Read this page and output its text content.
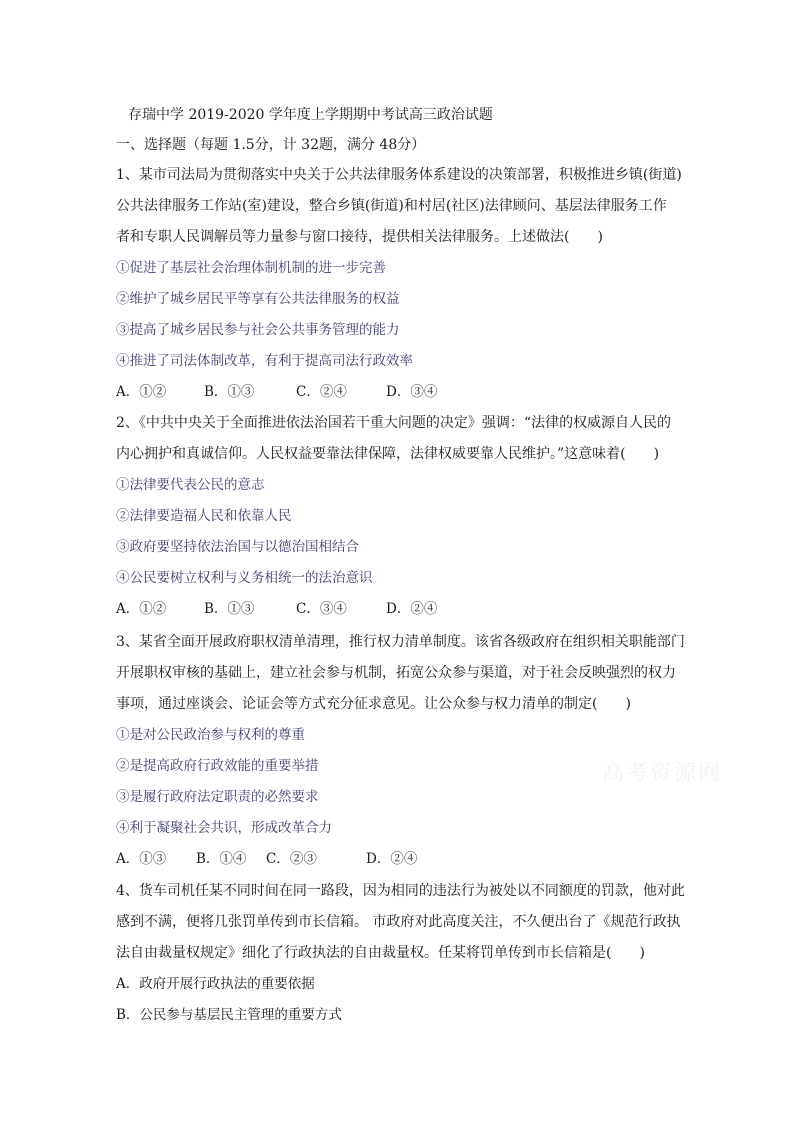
存瑞中学 2019-2020 学年度上学期期中考试高三政治试题
一、选择题（每题 1.5分，计 32题，满分 48分）
1、某市司法局为贯彻落实中央关于公共法律服务体系建设的决策部署，积极推进乡镇(街道)
公共法律服务工作站(室)建设，整合乡镇(街道)和村居(社区)法律顾问、基层法律服务工作
者和专职人民调解员等力量参与窗口接待，提供相关法律服务。上述做法(　　)
①促进了基层社会治理体制机制的进一步完善
②维护了城乡居民平等享有公共法律服务的权益
③提高了城乡居民参与社会公共事务管理的能力
④推进了司法体制改革，有利于提高司法行政效率
A．①②	B．①③	C．②④	D．③④
2、《中共中央关于全面推进依法治国若干重大问题的决定》强调：“法律的权威源自人民的
内心拥护和真诚信仰。人民权益要靠法律保障，法律权威要靠人民维护。”这意味着(　　)
①法律要代表公民的意志
②法律要造福人民和依靠人民
③政府要坚持依法治国与以德治国相结合
④公民要树立权利与义务相统一的法治意识
A．①②	B．①③	C．③④	D．②④
3、某省全面开展政府职权清单清理，推行权力清单制度。该省各级政府在组织相关职能部门
开展职权审核的基础上，建立社会参与机制，拓宽公众参与渠道，对于社会反映强烈的权力
事项，通过座谈会、论证会等方式充分征求意见。让公众参与权力清单的制定(　　)
①是对公民政治参与权利的尊重
②是提高政府行政效能的重要举措
③是履行政府法定职责的必然要求
④利于凝聚社会共识，形成改革合力
A．①③ B．①④ C．②③	D．②④
4、货车司机任某不同时间在同一路段，因为相同的违法行为被处以不同额度的罚款，他对此
感到不满，便将几张罚单传到市长信箱。 市政府对此高度关注，不久便出台了《规范行政执
法自由裁量权规定》细化了行政执法的自由裁量权。任某将罚单传到市长信箱是(　　)
A．政府开展行政执法的重要依据
B．公民参与基层民主管理的重要方式
高考资源网
